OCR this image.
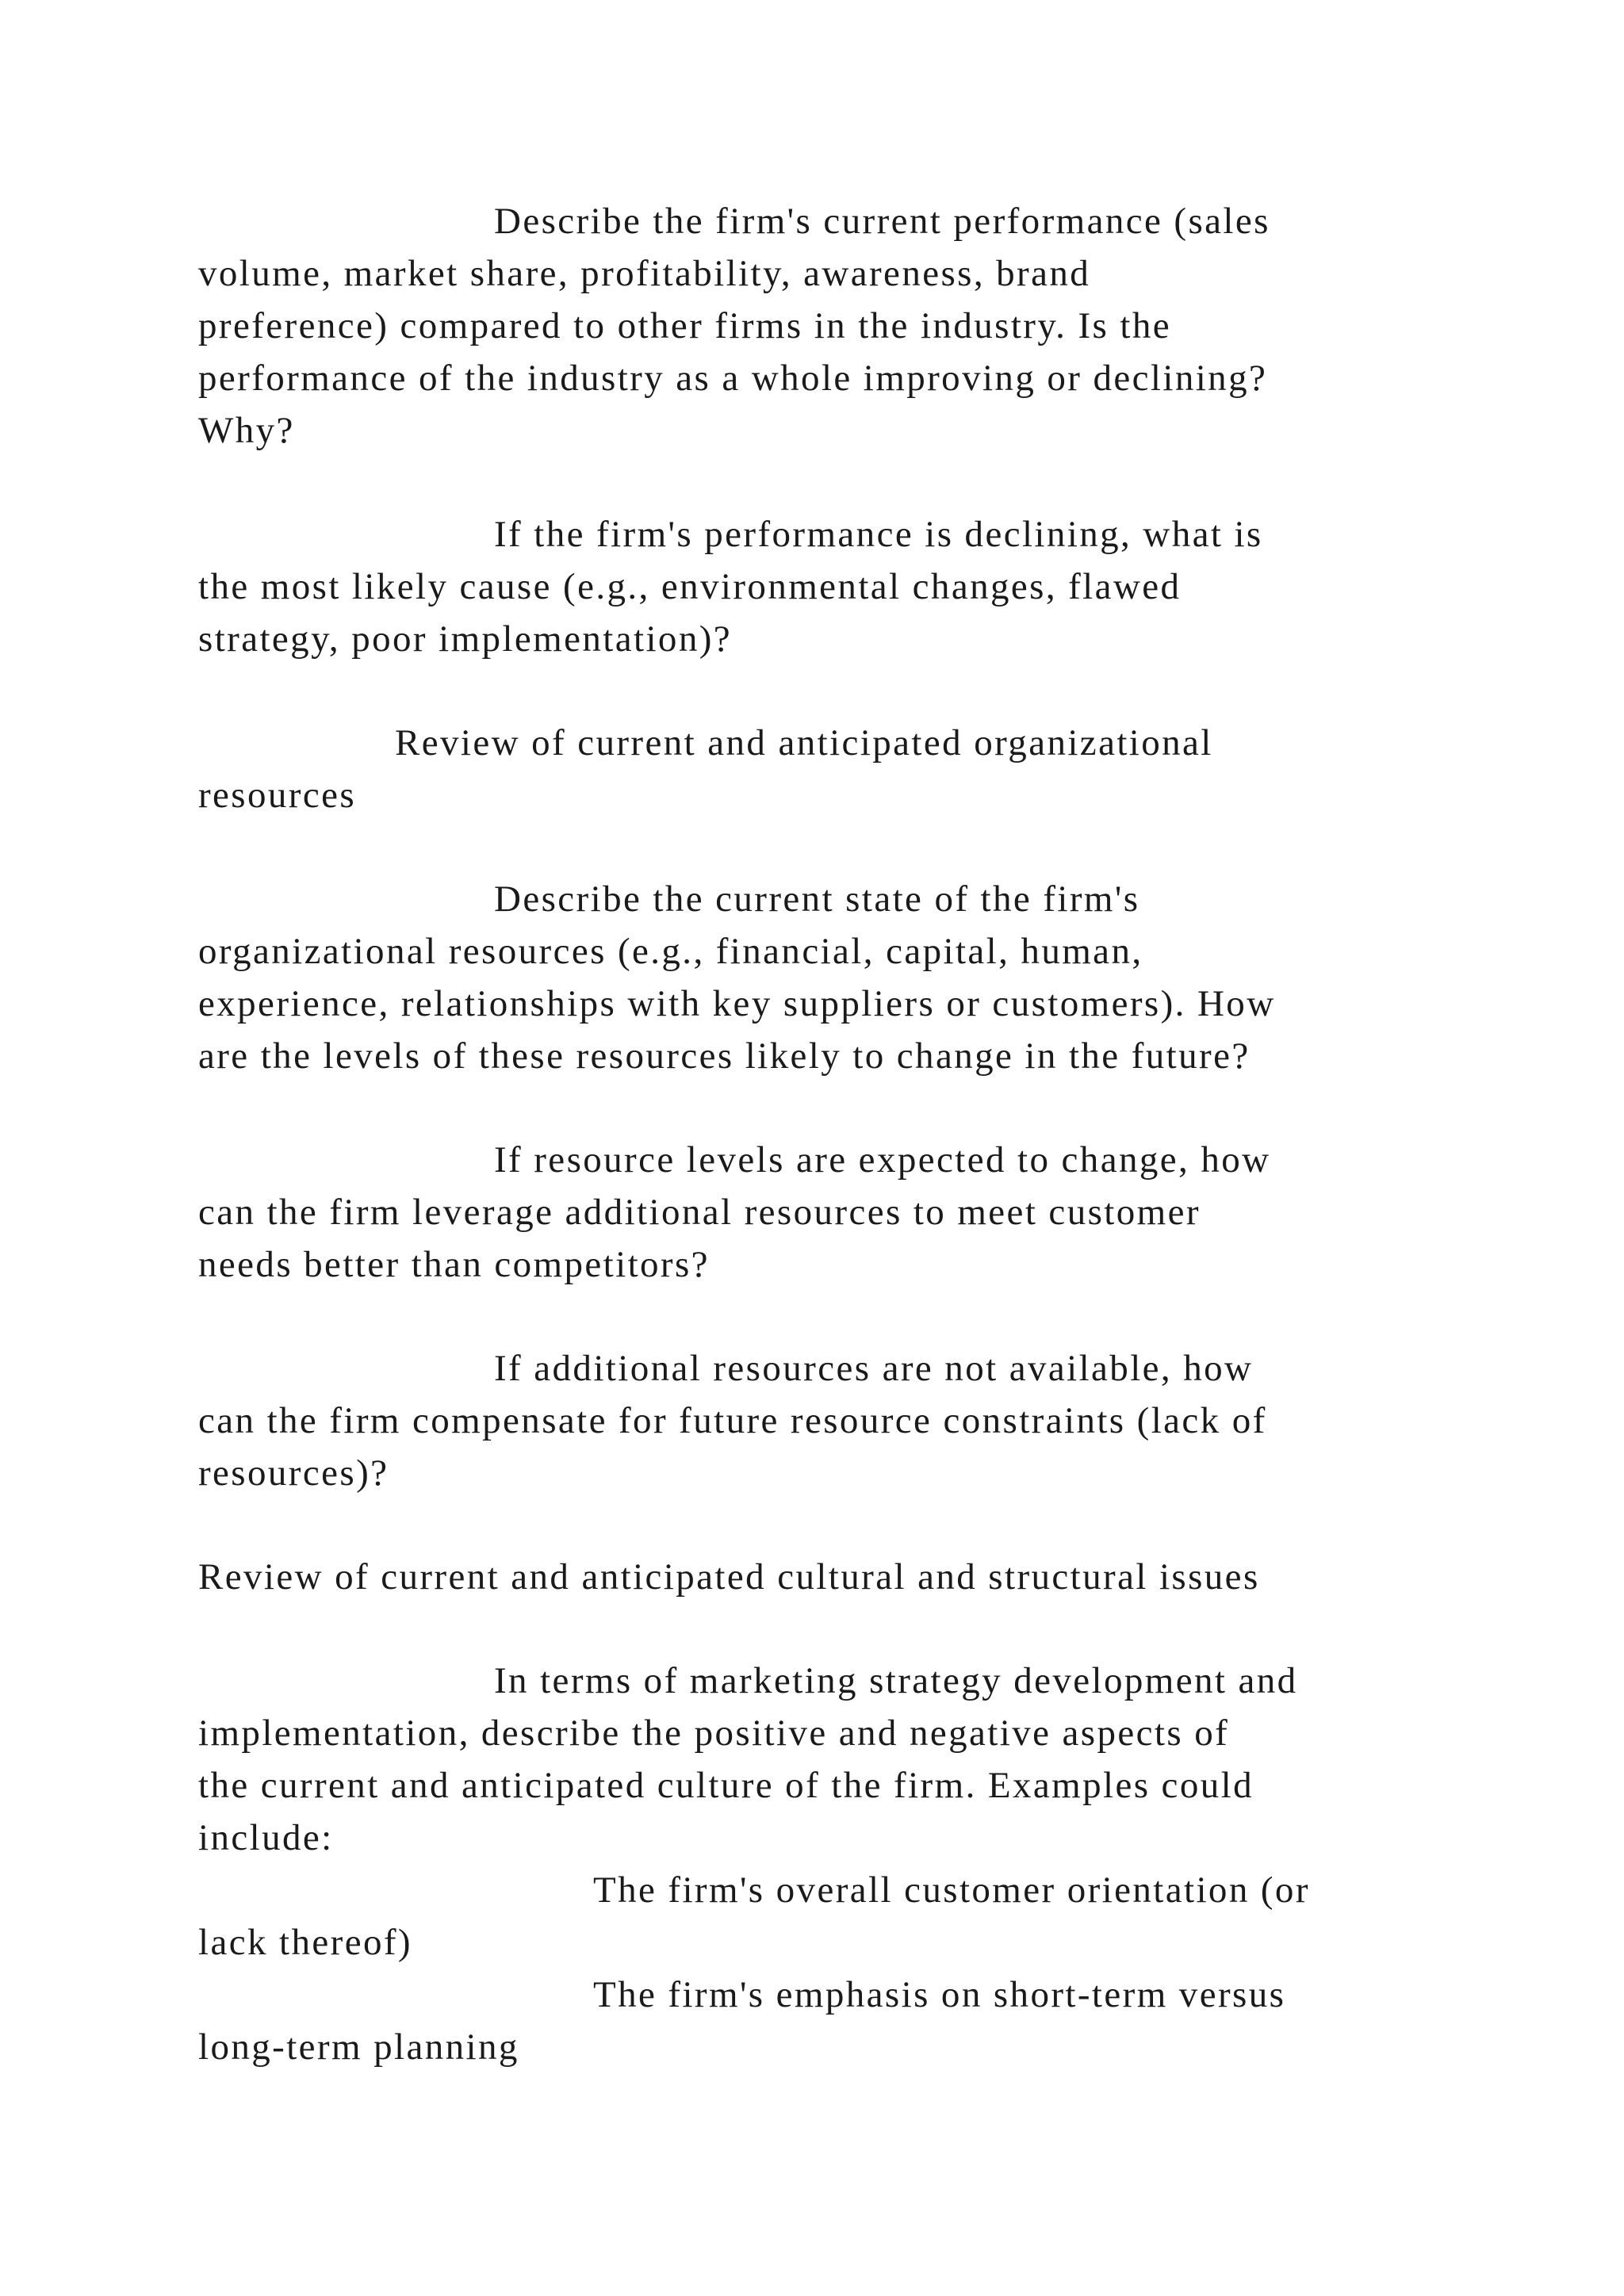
Describe the firm's current performance (sales

volume, market share, profitability, awareness, brand

preference) compared to other firms in the industry. Is the

performance of the industry as a whole improving or declining?

Why?

If the firm's performance is declining, what is

the most likely cause (e.g., environmental changes, flawed

strategy, poor implementation)?

Review of current and anticipated organizational

resources

Describe the current state of the firm's

organizational resources (e.g., financial, capital, human,

experience, relationships with key suppliers or customers). How

are the levels of these resources likely to change in the future?

If resource levels are expected to change, how

can the firm leverage additional resources to meet customer

needs better than competitors?

If additional resources are not available, how

can the firm compensate for future resource constraints (lack of

resources)?

Review of current and anticipated cultural and structural issues

In terms of marketing strategy development and

implementation, describe the positive and negative aspects of

the current and anticipated culture of the firm. Examples could

include:

The firm's overall customer orientation (or

lack thereof)

The firm's emphasis on short-term versus

long-term planning
